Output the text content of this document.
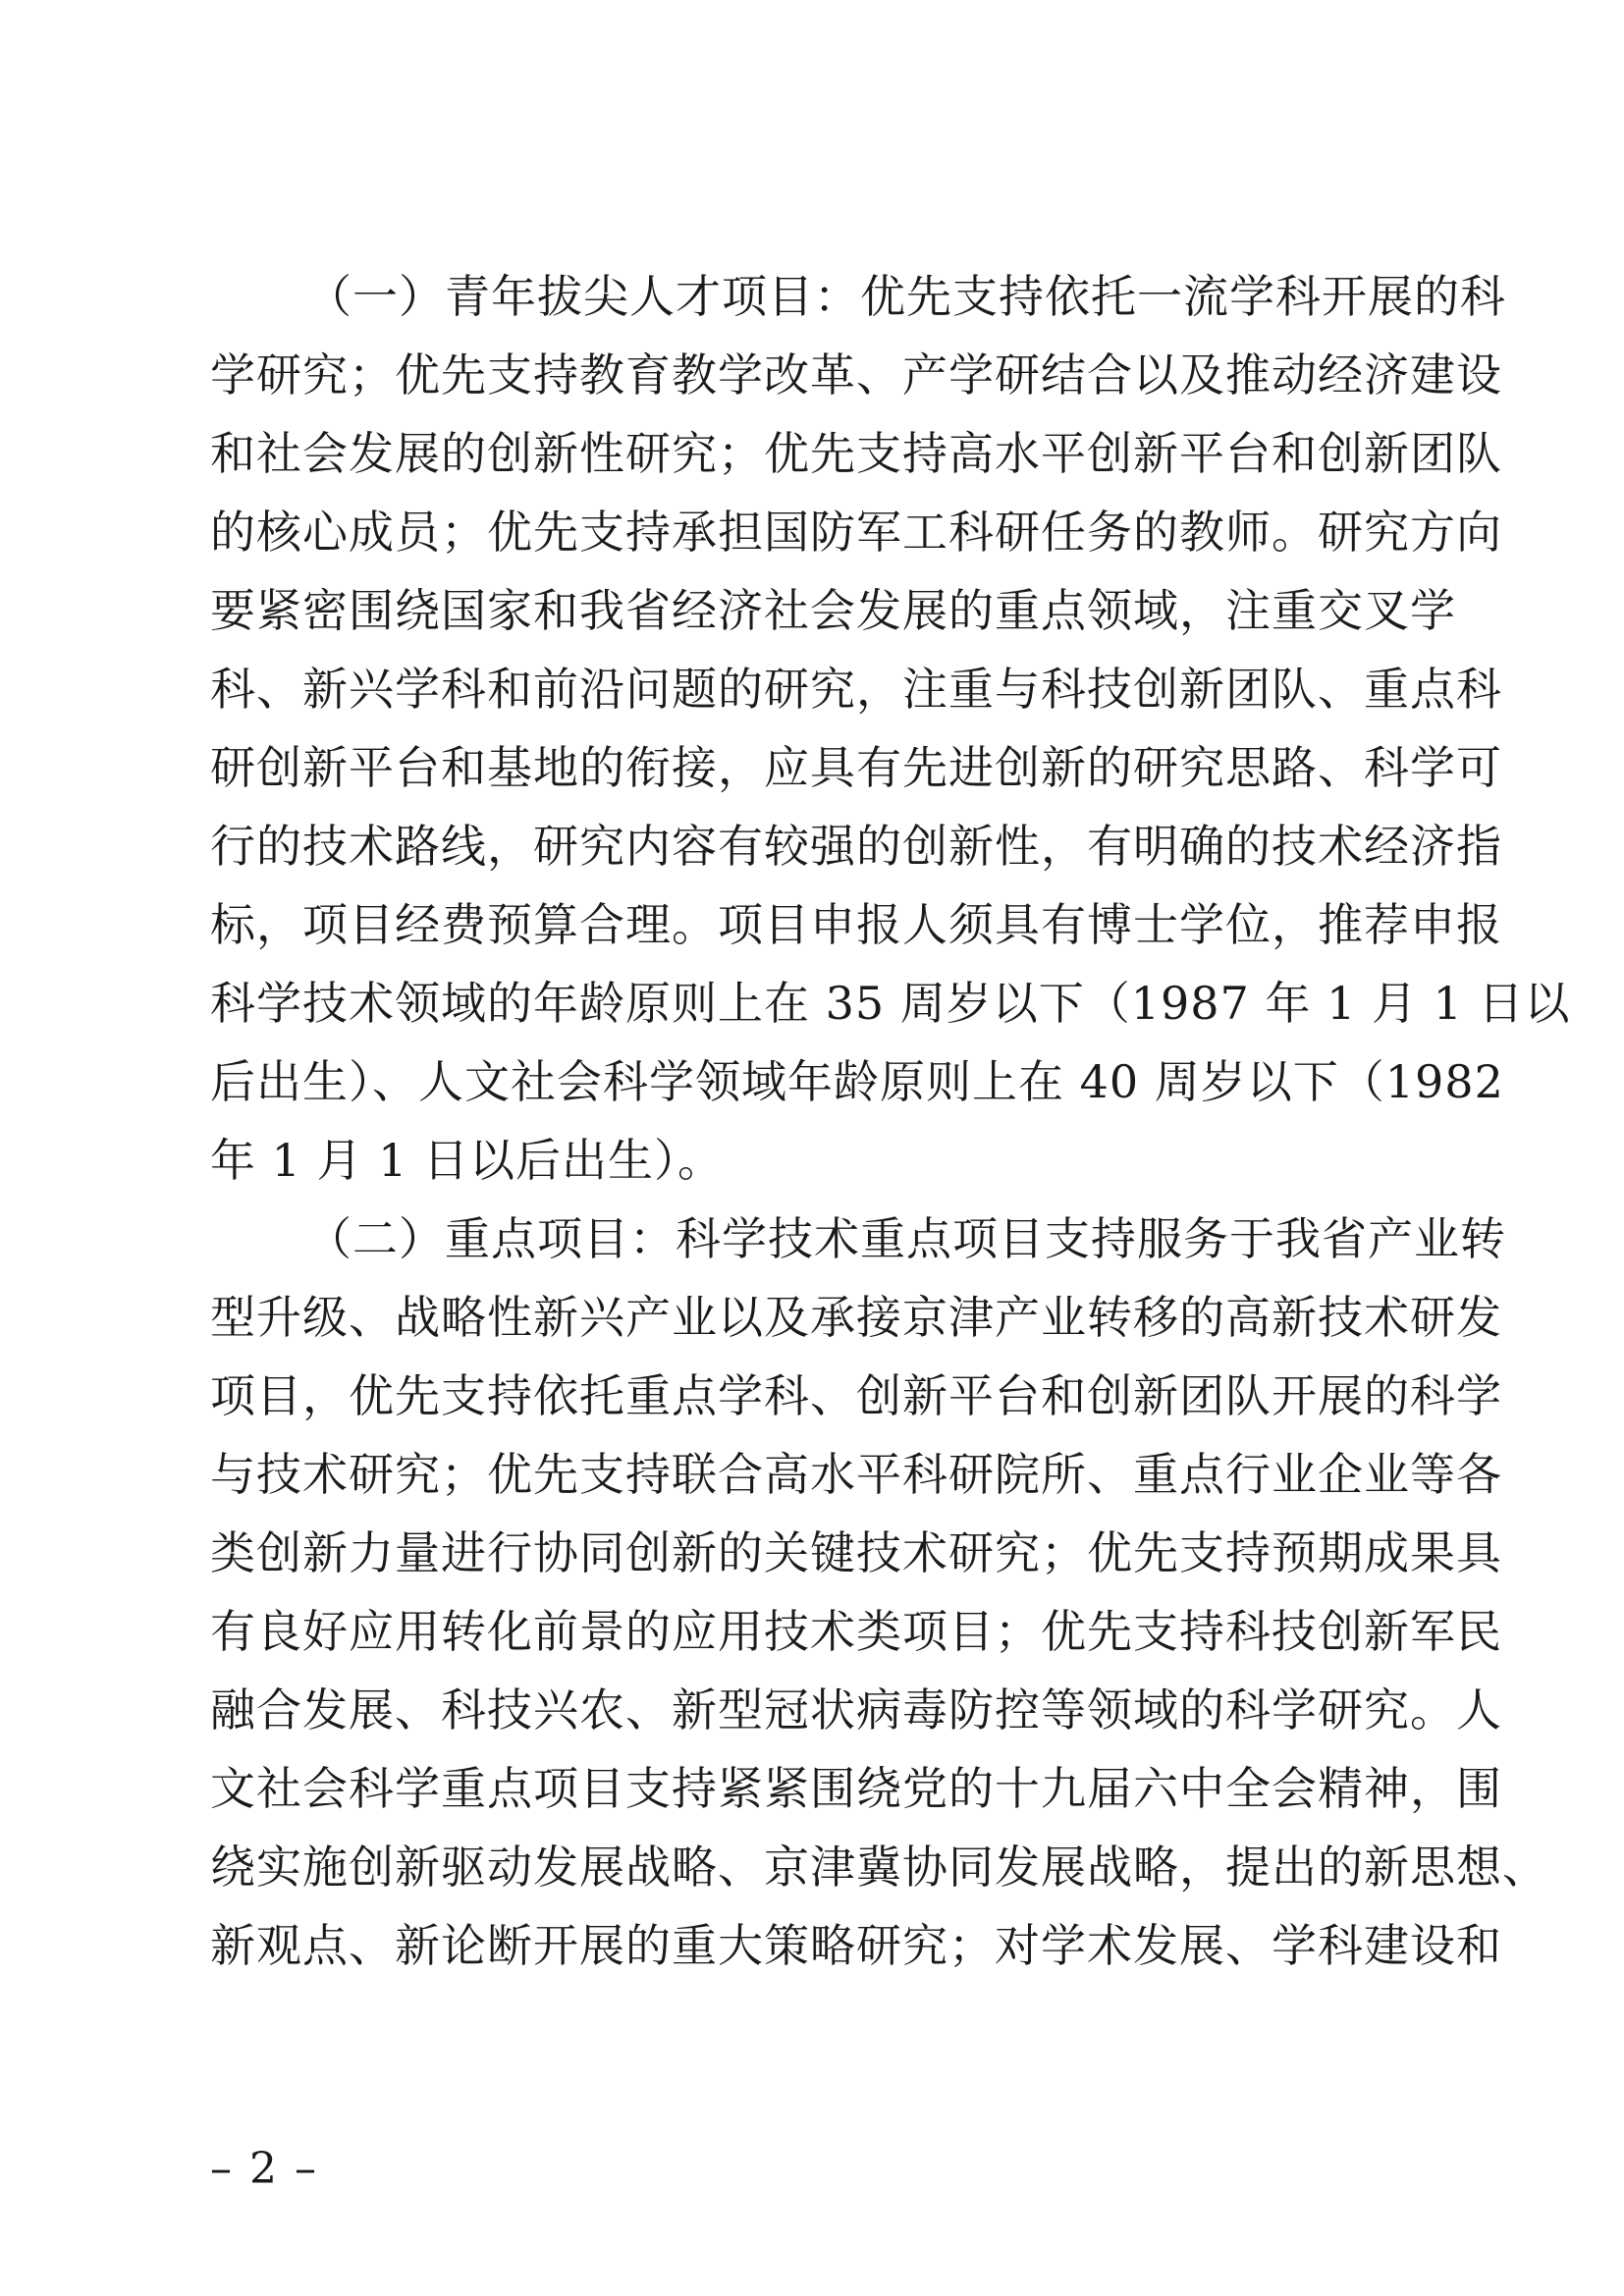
（一）青年拔尖人才项目：优先支持依托一流学科开展的科
学研究；优先支持教育教学改革、产学研结合以及推动经济建设
和社会发展的创新性研究；优先支持高水平创新平台和创新团队
的核心成员；优先支持承担国防军工科研任务的教师。研究方向
要紧密围绕国家和我省经济社会发展的重点领域，注重交叉学
科、新兴学科和前沿问题的研究，注重与科技创新团队、重点科
研创新平台和基地的衔接，应具有先进创新的研究思路、科学可
行的技术路线，研究内容有较强的创新性，有明确的技术经济指
标，项目经费预算合理。项目申报人须具有博士学位，推荐申报
科学技术领域的年龄原则上在 35 周岁以下（1987 年 1 月 1 日以
后出生）、人文社会科学领域年龄原则上在 40 周岁以下（1982
年 1 月 1 日以后出生）。
（二）重点项目：科学技术重点项目支持服务于我省产业转
型升级、战略性新兴产业以及承接京津产业转移的高新技术研发
项目，优先支持依托重点学科、创新平台和创新团队开展的科学
与技术研究；优先支持联合高水平科研院所、重点行业企业等各
类创新力量进行协同创新的关键技术研究；优先支持预期成果具
有良好应用转化前景的应用技术类项目；优先支持科技创新军民
融合发展、科技兴农、新型冠状病毒防控等领域的科学研究。人
文社会科学重点项目支持紧紧围绕党的十九届六中全会精神，围
绕实施创新驱动发展战略、京津冀协同发展战略，提出的新思想、
新观点、新论断开展的重大策略研究；对学术发展、学科建设和
– 2 –
